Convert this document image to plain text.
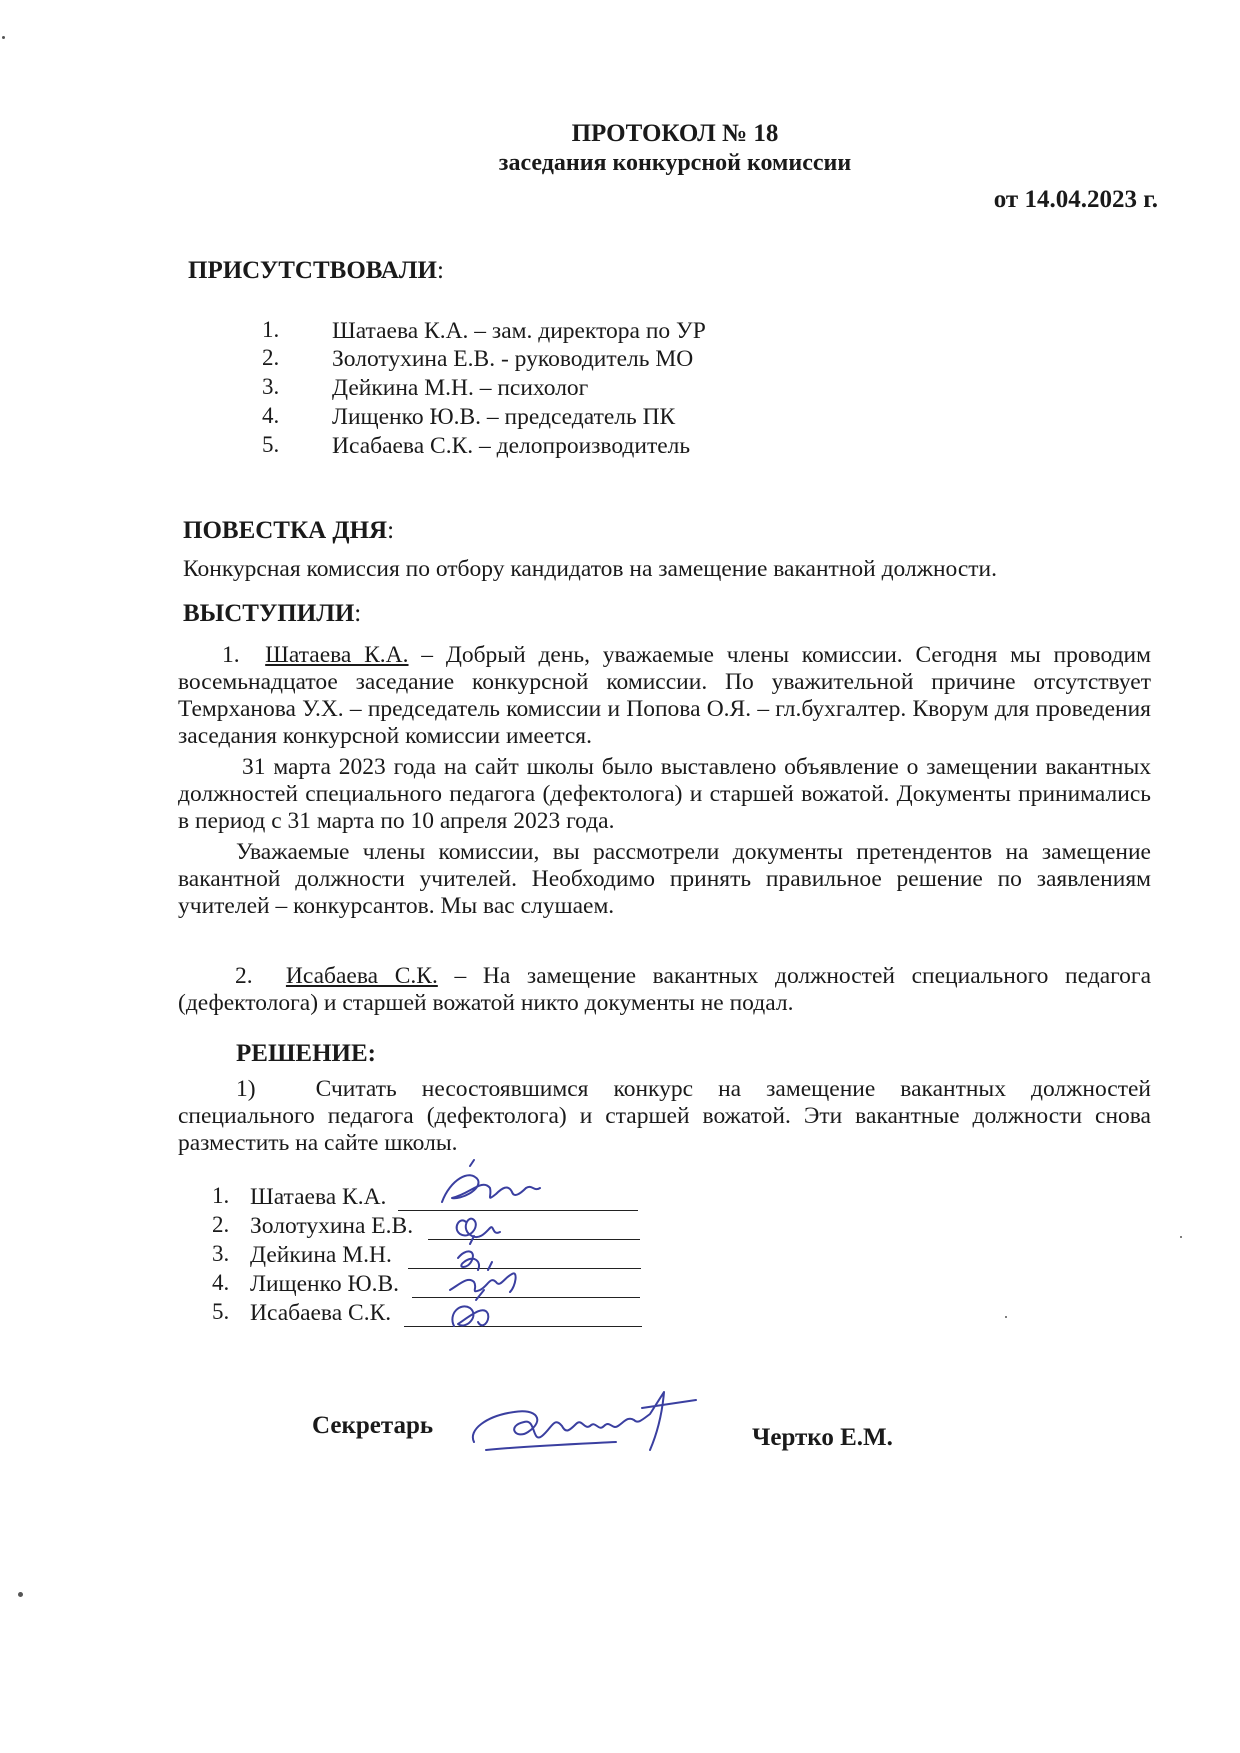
ПРОТОКОЛ № 18
заседания конкурсной комиссии
от 14.04.2023 г.
ПРИСУТСТВОВАЛИ:
1. Шатаева К.А. – зам. директора по УР
2. Золотухина Е.В. - руководитель МО
3. Дейкина М.Н. – психолог
4. Лищенко Ю.В. – председатель ПК
5. Исабаева С.К. – делопроизводитель
ПОВЕСТКА ДНЯ:
Конкурсная комиссия по отбору кандидатов на замещение вакантной должности.
ВЫСТУПИЛИ:

1. Шатаева К.А. – Добрый день, уважаемые члены комиссии. Сегодня мы проводим восемьнадцатое заседание конкурсной комиссии. По уважительной причине отсутствует Темрханова У.Х. – председатель комиссии и Попова О.Я. – гл.бухгалтер. Кворум для проведения заседания конкурсной комиссии имеется.

31 марта 2023 года на сайт школы было выставлено объявление о замещении вакантных должностей специального педагога (дефектолога) и старшей вожатой. Документы принимались в период с 31 марта по 10 апреля 2023 года.

Уважаемые члены комиссии, вы рассмотрели документы претендентов на замещение вакантной должности учителей. Необходимо принять правильное решение по заявлениям учителей – конкурсантов. Мы вас слушаем.

2. Исабаева С.К. – На замещение вакантных должностей специального педагога (дефектолога) и старшей вожатой никто документы не подал.

РЕШЕНИЕ:

1)	Считать несостоявшимся конкурс на замещение вакантных должностей специального педагога (дефектолога) и старшей вожатой. Эти вакантные должности снова разместить на сайте школы.

1. Шатаева К.А.
2. Золотухина Е.В.
3. Дейкина М.Н.
4. Лищенко Ю.В.
5. Исабаева С.К.
Секретарь	Чертко Е.М.
